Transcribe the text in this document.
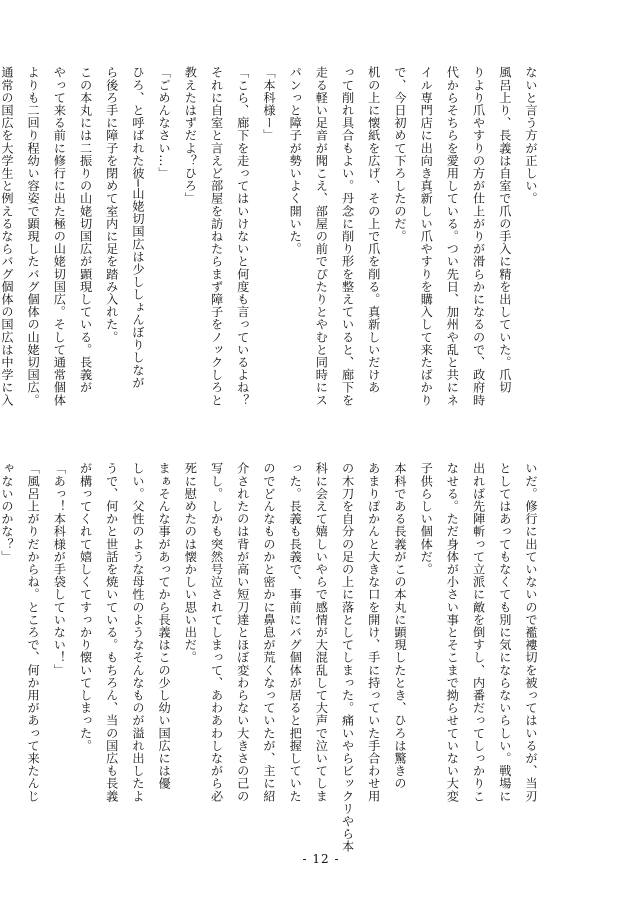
ないと言う方が正しい。
風呂上り、長義は自室で爪の手入に精を出していた。爪切
りより爪やすりの方が仕上がりが滑らかになるので、政府時
代からそちらを愛用している。つい先日、加州や乱と共にネ
イル専門店に出向き真新しい爪やすりを購入して来たばかり
で、今日初めて下ろしたのだ。
机の上に懐紙を広げ、その上で爪を削る。真新しいだけあ
って削れ具合もよい。丹念に削り形を整えていると、廊下を
走る軽い足音が聞こえ、部屋の前でぴたりとやむと同時にス
パンっと障子が勢いよく開いた。
「本科様ー」
「こら、廊下を走ってはいけないと何度も言っているよね？
それに自室と言えど部屋を訪ねたらまず障子をノックしろと
教えたはずだよ？ひろ」
「ごめんなさい…」
ひろ、と呼ばれた彼─山姥切国広は少ししょんぼりしなが
ら後ろ手に障子を閉めて室内に足を踏み入れた。
この本丸には二振りの山姥切国広が顕現している。長義が
やって来る前に修行に出た極の山姥切国広。そして通常個体
よりも二回り程幼い容姿で顕現したバグ個体の山姥切国広。
通常の国広を大学生と例えるならバグ個体の国広は中学に入
いだ。修行に出ていないので襤褸切を被ってはいるが、当刃
としてはあってもなくても別に気にならないらしい。戦場に
出れば先陣斬って立派に敵を倒すし、内番だってしっかりこ
なせる。ただ身体が小さい事とそこまで拗らせていない大変
子供らしい個体だ。
本科である長義がこの本丸に顕現したとき、ひろは驚きの
あまりぽかんと大きな口を開け、手に持っていた手合わせ用
の木刀を自分の足の上に落としてしまった。痛いやらビックリやら本
科に会えて嬉しいやらで感情が大混乱して大声で泣いてしま
った。長義も長義で、事前にバグ個体が居ると把握していた
のでどんなものかと密かに鼻息が荒くなっていたが、主に紹
介されたのは背が高い短刀達とほぼ変わらない大きさの己の
写し。しかも突然号泣されてしまって、あわあわしながら必
死に慰めたのは懐かしい思い出だ。
まぁそんな事があってから長義はこの少し幼い国広には優
しい。父性のような母性のようなそんなものが溢れ出したよ
うで、何かと世話を焼いている。もちろん、当の国広も長義
が構ってくれて嬉しくてすっかり懐いてしまった。
「あっ！本科様が手袋していない！」
「風呂上がりだからね。ところで、何か用があって来たんじ
ゃないのかな？」
- 12 -
